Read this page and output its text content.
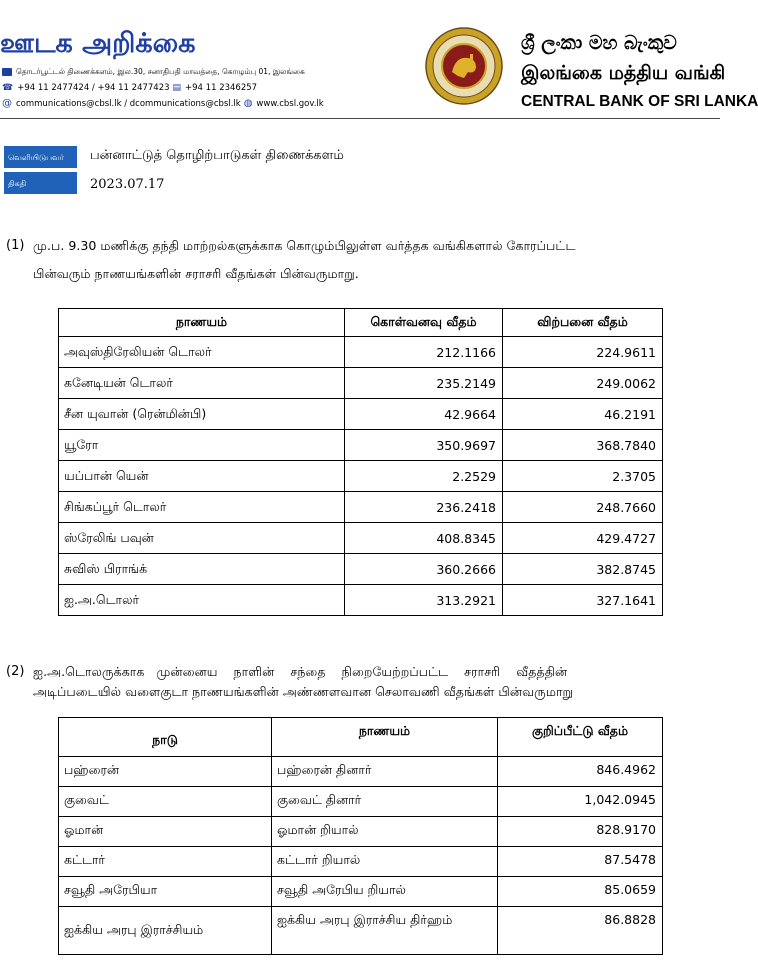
ஊடக அறிக்கை
தொடர்பூட்டல் திணைக்களம், இல.30, சனாதிபதி மாவத்தை, கொழும்பு 01, இலங்கை
☎ +94 11 2477424 / +94 11 2477423 ▤ +94 11 2346257
@ communications@cbsl.lk / dcommunications@cbsl.lk ◍ www.cbsl.gov.lk
ශ්‍රී ලංකා මහ බැංකුව
இலங்கை மத்திய வங்கி
CENTRAL BANK OF SRI LANKA
வெளியிடுபவர்	பன்னாட்டுத் தொழிற்பாடுகள் திணைக்களம்
திகதி	2023.07.17
(1) மு.ப. 9.30 மணிக்கு தந்தி மாற்றல்களுக்காக கொழும்பிலுள்ள வர்த்தக வங்கிகளால் கோரப்பட்ட
பின்வரும் நாணயங்களின் சராசரி வீதங்கள் பின்வருமாறு.
நாணயம்	கொள்வனவு வீதம்	விற்பனை வீதம்
அவுஸ்திரேலியன் டொலர்	212.1166	224.9611
கனேடியன் டொலர்	235.2149	249.0062
சீன யுவான் (ரென்மின்பி)	42.9664	46.2191
யூரோ	350.9697	368.7840
யப்பான் யென்	2.2529	2.3705
சிங்கப்பூர் டொலர்	236.2418	248.7660
ஸ்ரேலிங் பவுன்	408.8345	429.4727
சுவிஸ் பிராங்க்	360.2666	382.8745
ஐ.அ.டொலர்	313.2921	327.1641
(2) ஐ.அ.டொலருக்காக   முன்னைய    நாளின்    சந்தை    நிறையேற்றப்பட்ட    சராசரி    வீதத்தின்
அடிப்படையில் வளைகுடா நாணயங்களின் அண்ணளவான செலாவணி வீதங்கள் பின்வருமாறு
நாடு	நாணயம்	குறிப்பீட்டு வீதம்
பஹ்ரைன்	பஹ்ரைன் தினார்	846.4962
குவைட்	குவைட் தினார்	1,042.0945
ஓமான்	ஓமான் றியால்	828.9170
கட்டார்	கட்டார் றியால்	87.5478
சவூதி அரேபியா	சவூதி அரேபிய றியால்	85.0659
ஐக்கிய அரபு இராச்சியம்	ஐக்கிய அரபு இராச்சிய திர்ஹம்	86.8828
